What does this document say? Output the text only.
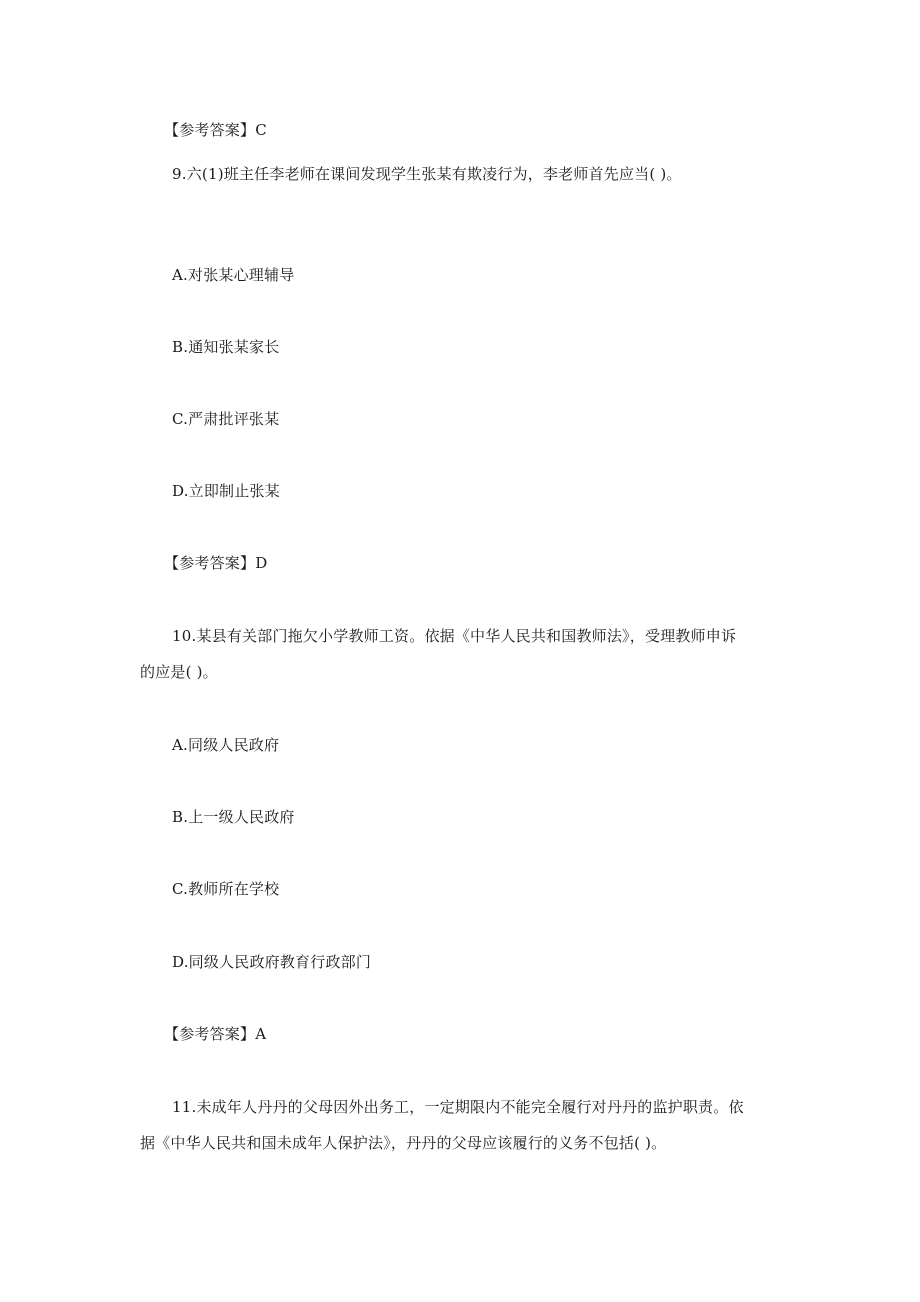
【参考答案】C
9.六(1)班主任李老师在课间发现学生张某有欺凌行为，李老师首先应当( )。
A.对张某心理辅导
B.通知张某家长
C.严肃批评张某
D.立即制止张某
【参考答案】D
10.某县有关部门拖欠小学教师工资。依据《中华人民共和国教师法》，受理教师申诉
的应是( )。
A.同级人民政府
B.上一级人民政府
C.教师所在学校
D.同级人民政府教育行政部门
【参考答案】A
11.未成年人丹丹的父母因外出务工，一定期限内不能完全履行对丹丹的监护职责。依
据《中华人民共和国未成年人保护法》，丹丹的父母应该履行的义务不包括( )。
